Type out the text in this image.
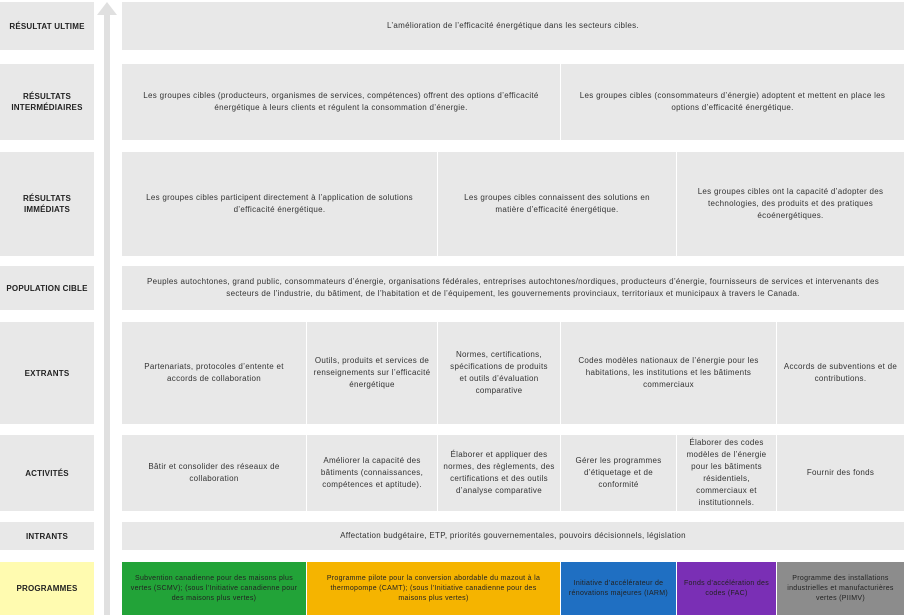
RÉSULTAT ULTIME
RÉSULTATS INTERMÉDIAIRES
RÉSULTATS IMMÉDIATS
POPULATION CIBLE
EXTRANTS
ACTIVITÉS
INTRANTS
PROGRAMMES
L’amélioration de l’efficacité énergétique dans les secteurs cibles.
Les groupes cibles (producteurs, organismes de services, compétences) offrent des options d’efficacité énergétique à leurs clients et régulent la consommation d’énergie.
Les groupes cibles (consommateurs d’énergie) adoptent et mettent en place les options d’efficacité énergétique.
Les groupes cibles participent directement à l’application de solutions d’efficacité énergétique.
Les groupes cibles connaissent des solutions en matière d’efficacité énergétique.
Les groupes cibles ont la capacité d’adopter des technologies, des produits et des pratiques écoénergétiques.
Peuples autochtones, grand public, consommateurs d’énergie, organisations fédérales, entreprises autochtones/nordiques, producteurs d’énergie, fournisseurs de services et intervenants des secteurs de l’industrie, du bâtiment, de l’habitation et de l’équipement, les gouvernements provinciaux, territoriaux et municipaux à travers le Canada.
Partenariats, protocoles d’entente et accords de collaboration
Outils, produits et services de renseignements sur l’efficacité énergétique
Normes, certifications, spécifications de produits et outils d’évaluation comparative
Codes modèles nationaux de l’énergie pour les habitations, les institutions et les bâtiments commerciaux
Accords de subventions et de contributions.
Bâtir et consolider des réseaux de collaboration
Améliorer la capacité des bâtiments (connaissances, compétences et aptitude).
Élaborer et appliquer des normes, des règlements, des certifications et des outils d’analyse comparative
Gérer les programmes d’étiquetage et de conformité
Élaborer des codes modèles de l’énergie pour les bâtiments résidentiels, commerciaux et institutionnels.
Fournir des fonds
Affectation budgétaire, ETP, priorités gouvernementales, pouvoirs décisionnels, législation
Subvention canadienne pour des maisons plus vertes (SCMV); (sous l’Initiative canadienne pour des maisons plus vertes)
Programme pilote pour la conversion abordable du mazout à la thermopompe (CAMT); (sous l’Initiative canadienne pour des maisons plus vertes)
Initiative d’accélérateur de rénovations majeures (IARM)
Fonds d’accélération des codes (FAC)
Programme des installations industrielles et manufacturières vertes (PIIMV)
